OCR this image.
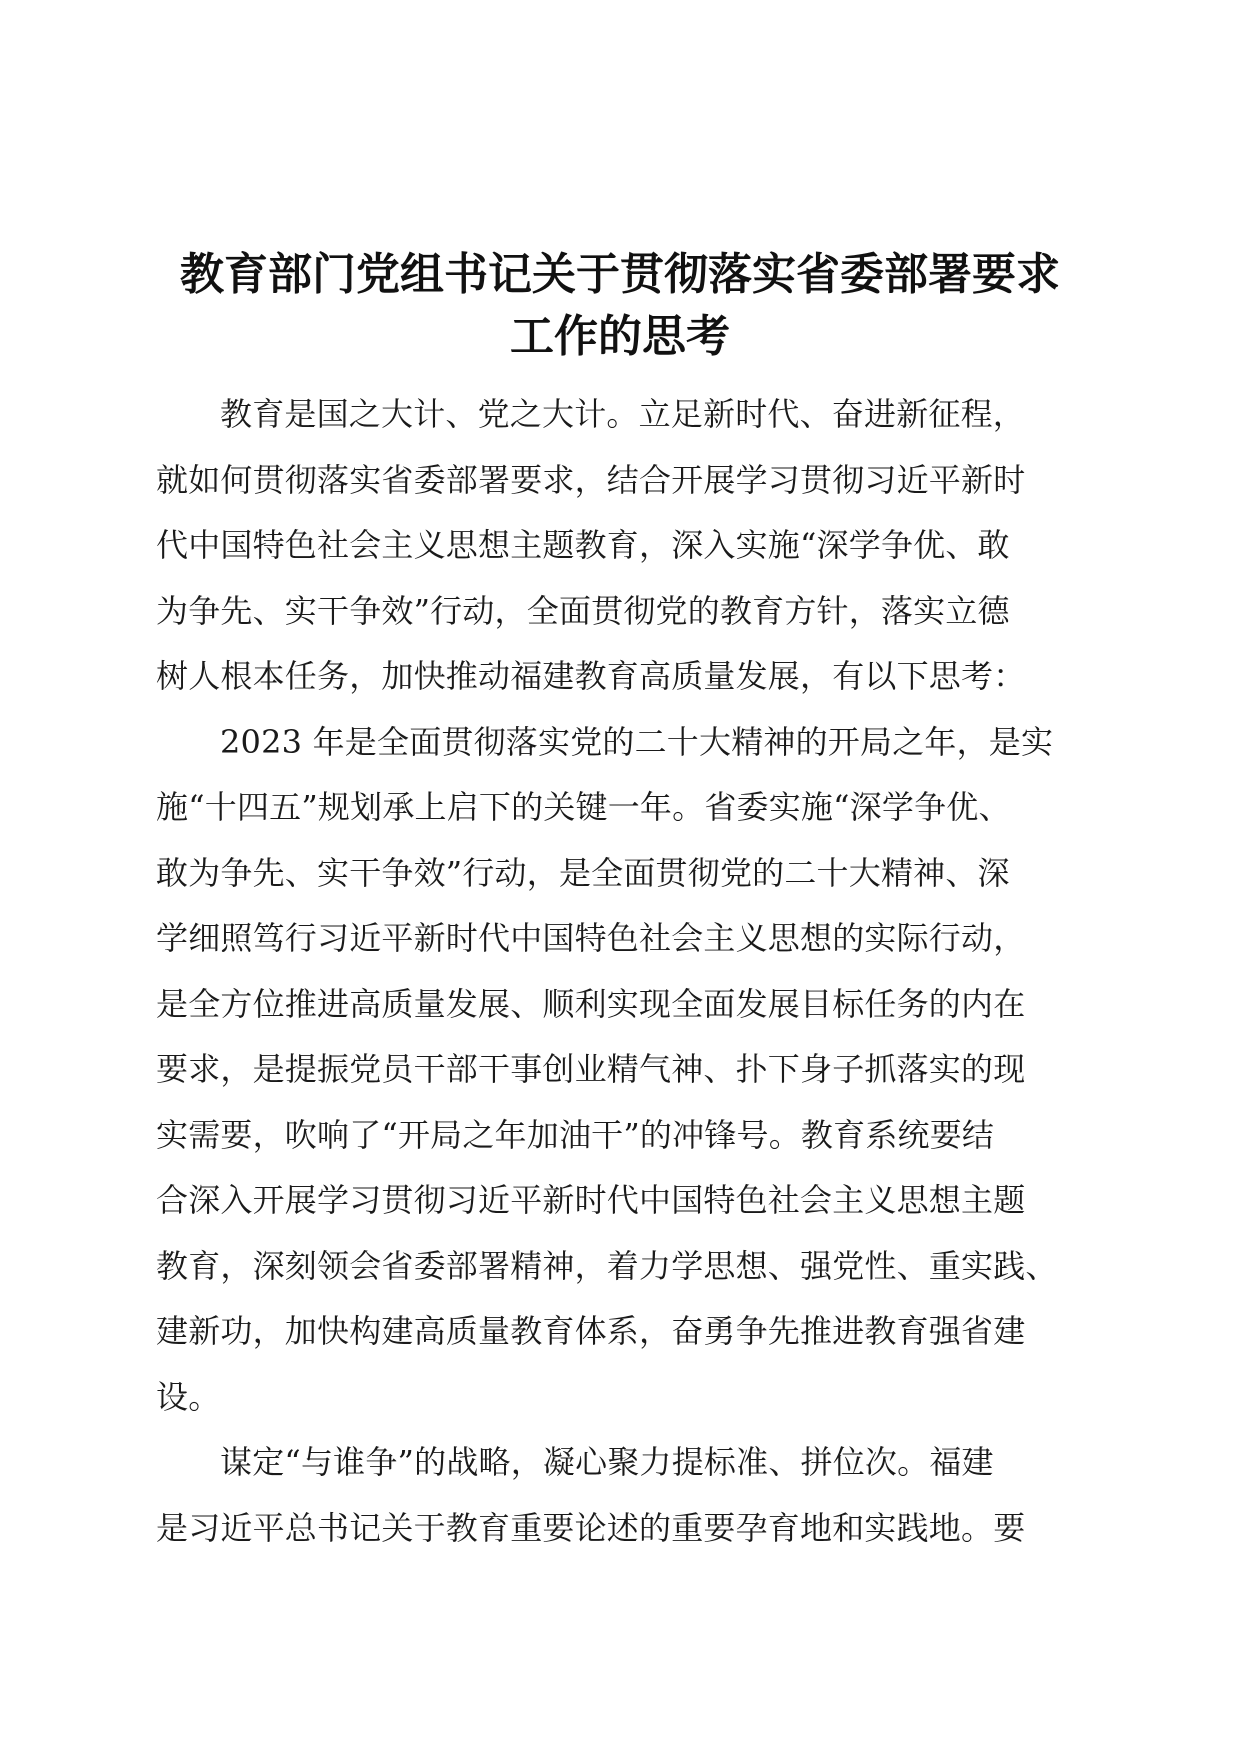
教育部门党组书记关于贯彻落实省委部署要求
工作的思考
教育是国之大计、党之大计。立足新时代、奋进新征程，
就如何贯彻落实省委部署要求，结合开展学习贯彻习近平新时
代中国特色社会主义思想主题教育，深入实施“深学争优、敢
为争先、实干争效”行动，全面贯彻党的教育方针，落实立德
树人根本任务，加快推动福建教育高质量发展，有以下思考：
2023 年是全面贯彻落实党的二十大精神的开局之年，是实
施“十四五”规划承上启下的关键一年。省委实施“深学争优、
敢为争先、实干争效”行动，是全面贯彻党的二十大精神、深
学细照笃行习近平新时代中国特色社会主义思想的实际行动，
是全方位推进高质量发展、顺利实现全面发展目标任务的内在
要求，是提振党员干部干事创业精气神、扑下身子抓落实的现
实需要，吹响了“开局之年加油干”的冲锋号。教育系统要结
合深入开展学习贯彻习近平新时代中国特色社会主义思想主题
教育，深刻领会省委部署精神，着力学思想、强党性、重实践、
建新功，加快构建高质量教育体系，奋勇争先推进教育强省建
设。
谋定“与谁争”的战略，凝心聚力提标准、拼位次。福建
是习近平总书记关于教育重要论述的重要孕育地和实践地。要
